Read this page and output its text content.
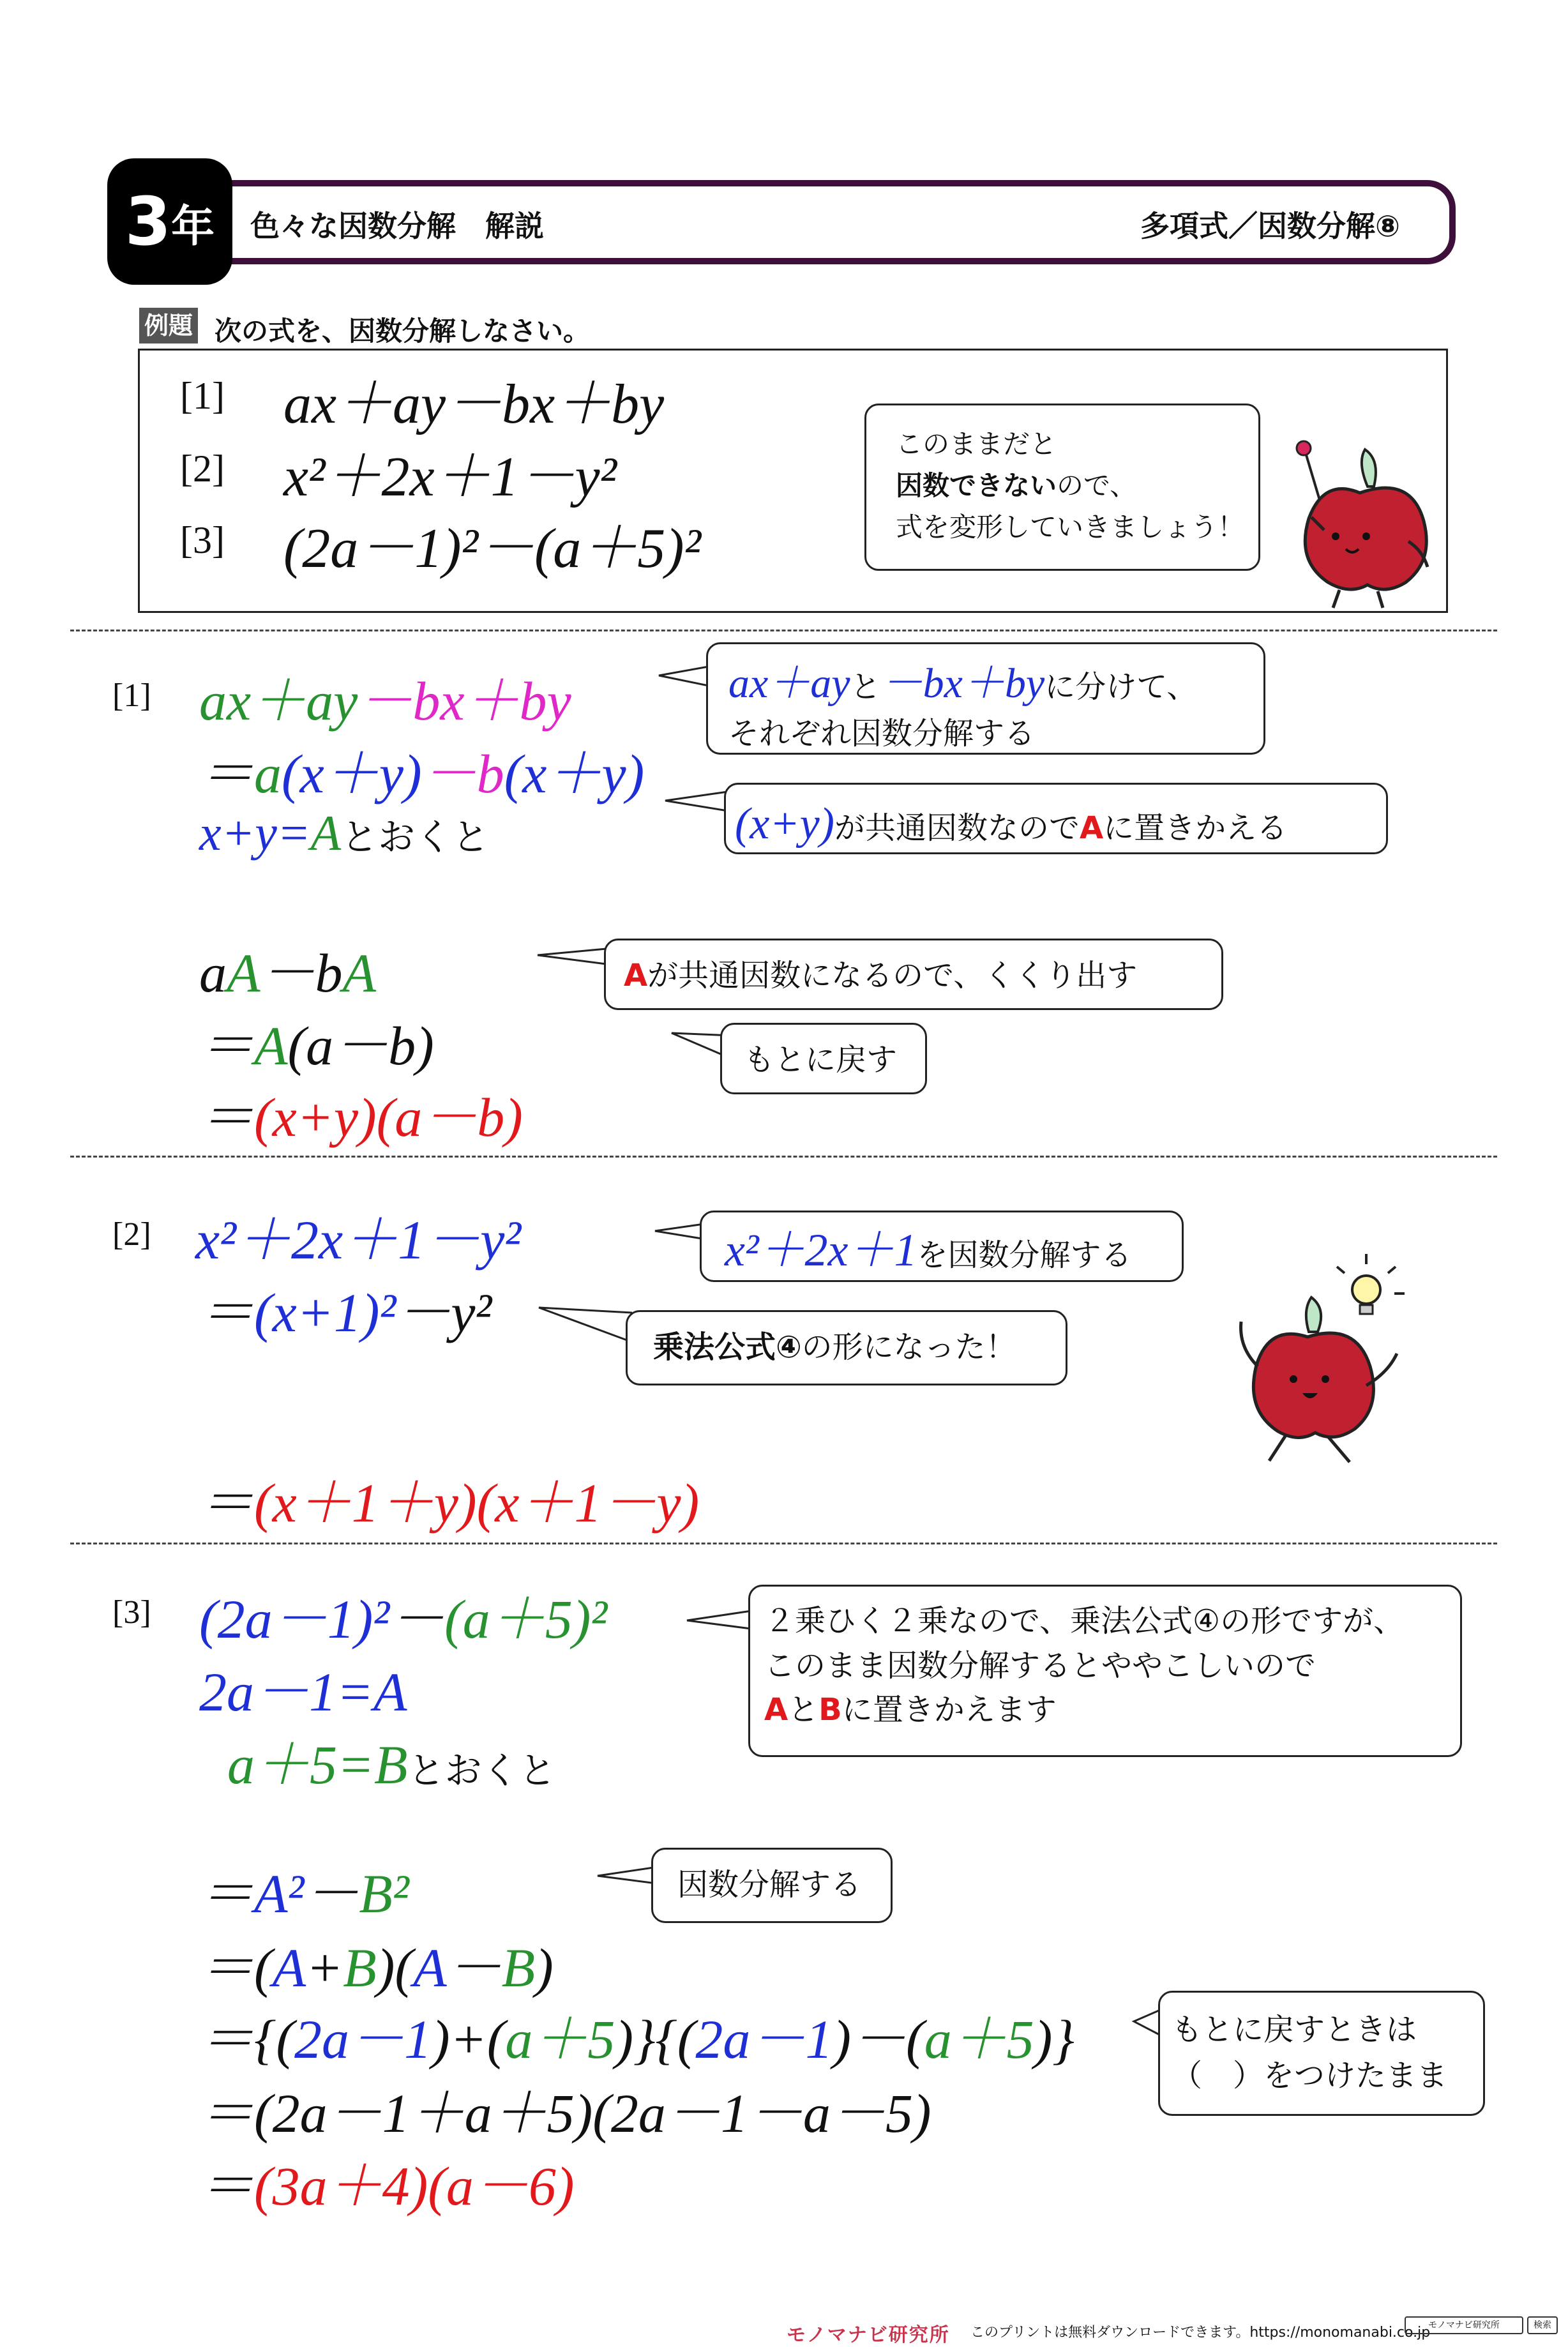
3 年 色々な因数分解　解説	多項式／因数分解⑧
例題 次の式を、因数分解しなさい。
[1] ax＋ay－bx＋by
[2] x²＋2x＋1－y²
[3] (2a－1)²－(a＋5)²
このままだと
因数できないので、
式を変形していきましょう！
[1] ax＋ay－bx＋by
＝a(x＋y)－b(x＋y)
x+y=Aとおくと
aA－bA
＝A(a－b)
＝(x+y)(a－b)
ax＋ayと－bx＋byに分けて、
それぞれ因数分解する
(x+y)が共通因数なのでAに置きかえる
Aが共通因数になるので、くくり出す
もとに戻す
[2] x²＋2x＋1－y²
＝(x+1)²－y²
＝(x＋1＋y)(x＋1－y)
x²＋2x＋1を因数分解する
乗法公式④の形になった！
[3] (2a－1)²－(a＋5)²
2a－1=A
a＋5=Bとおくと
＝A²－B²
＝(A+B)(A－B)
＝{(2a－1)+(a＋5)}{(2a－1)－(a＋5)}
＝(2a－1＋a＋5)(2a－1－a－5)
＝(3a＋4)(a－6)
２乗ひく２乗なので、乗法公式④の形ですが、
このまま因数分解するとややこしいので
AとBに置きかえます
因数分解する
もとに戻すときは
（　）をつけたまま
モノマナビ研究所 このプリントは無料ダウンロードできます。https://monomanabi.co.jp
モノマナビ研究所	検索
